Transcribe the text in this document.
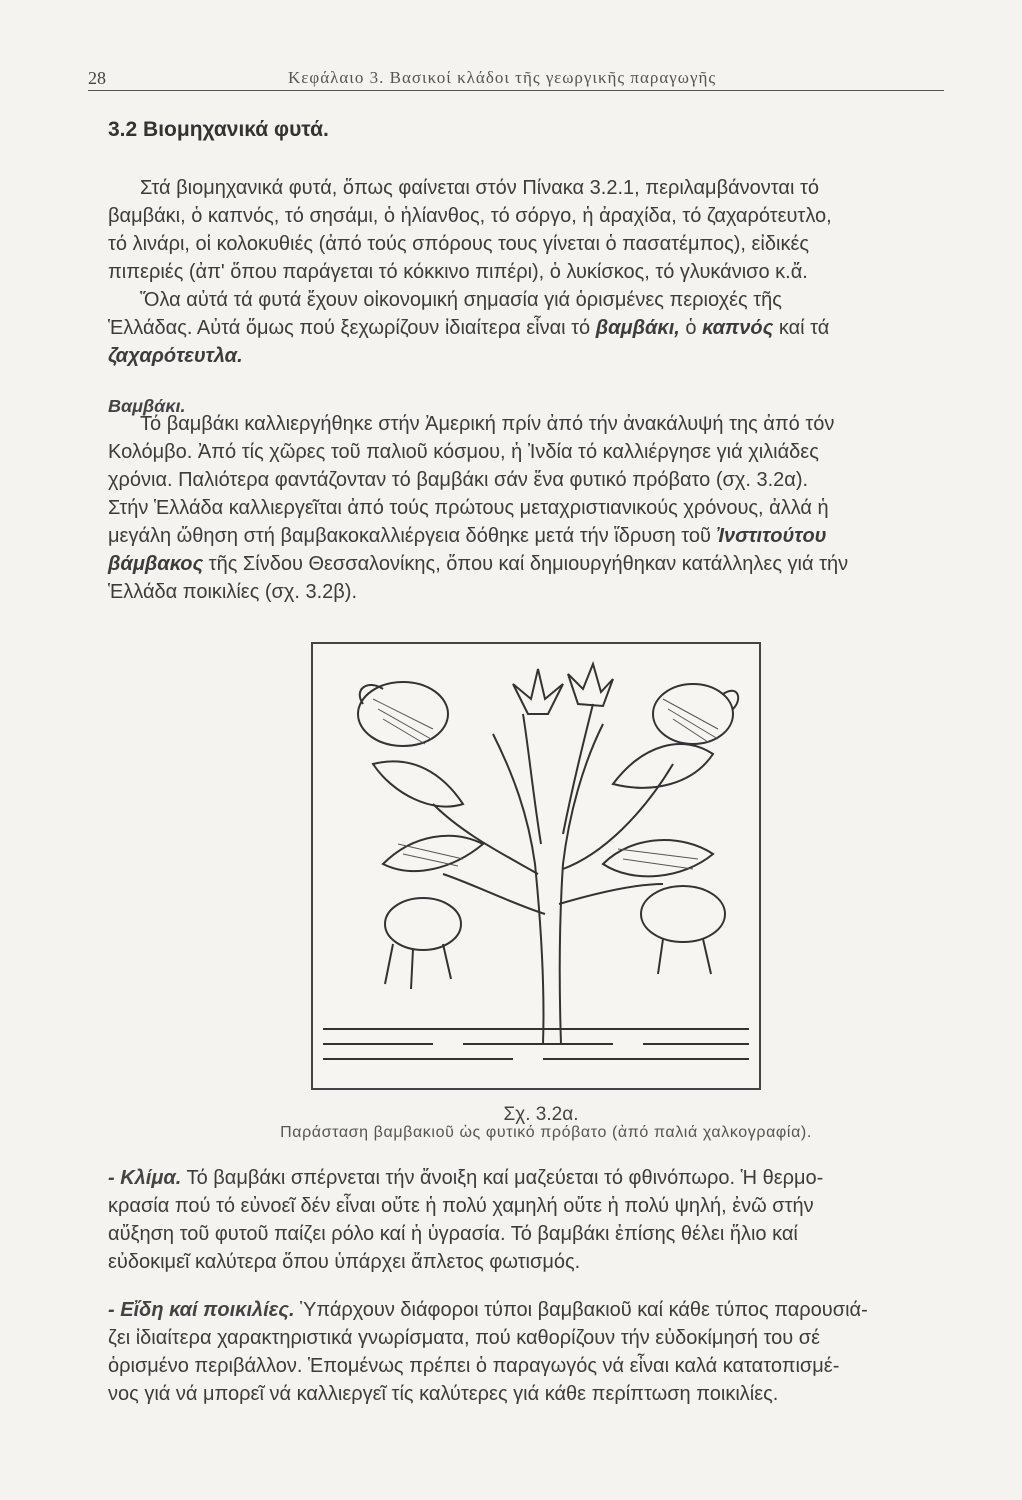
28	Κεφάλαιο 3. Βασικοί κλάδοι τῆς γεωργικῆς παραγωγῆς
3.2 Βιομηχανικά φυτά.
Στά βιομηχανικά φυτά, ὅπως φαίνεται στόν Πίνακα 3.2.1, περιλαμβάνονται τό
βαμβάκι, ὁ καπνός, τό σησάμι, ὁ ἡλίανθος, τό σόργο, ἡ ἀραχίδα, τό ζαχαρότευτλο,
τό λινάρι, οἱ κολοκυθιές (ἀπό τούς σπόρους τους γίνεται ὁ πασατέμπος), εἰδικές
πιπεριές (ἀπ' ὅπου παράγεται τό κόκκινο πιπέρι), ὁ λυκίσκος, τό γλυκάνισο κ.ἄ.
Ὅλα αὐτά τά φυτά ἔχουν οἰκονομική σημασία γιά ὁρισμένες περιοχές τῆς
Ἑλλάδας. Αὐτά ὅμως πού ξεχωρίζουν ἰδιαίτερα εἶναι τό βαμβάκι, ὁ καπνός καί τά
ζαχαρότευτλα.
Βαμβάκι.
Τό βαμβάκι καλλιεργήθηκε στήν Ἀμερική πρίν ἀπό τήν ἀνακάλυψή της ἀπό τόν
Κολόμβο. Ἀπό τίς χῶρες τοῦ παλιοῦ κόσμου, ἡ Ἰνδία τό καλλιέργησε γιά χιλιάδες
χρόνια. Παλιότερα φαντάζονταν τό βαμβάκι σάν ἕνα φυτικό πρόβατο (σχ. 3.2α).
Στήν Ἑλλάδα καλλιεργεῖται ἀπό τούς πρώτους μεταχριστιανικούς χρόνους, ἀλλά ἡ
μεγάλη ὤθηση στή βαμβακοκαλλιέργεια δόθηκε μετά τήν ἵδρυση τοῦ Ἰνστιτούτου
βάμβακος τῆς Σίνδου Θεσσαλονίκης, ὅπου καί δημιουργήθηκαν κατάλληλες γιά τήν
Ἑλλάδα ποικιλίες (σχ. 3.2β).
Σχ. 3.2α.
Παράσταση βαμβακιοῦ ὡς φυτικό πρόβατο (ἀπό παλιά χαλκογραφία).
- Κλίμα. Τό βαμβάκι σπέρνεται τήν ἄνοιξη καί μαζεύεται τό φθινόπωρο. Ἡ θερμο-
κρασία πού τό εὐνοεῖ δέν εἶναι οὔτε ἡ πολύ χαμηλή οὔτε ἡ πολύ ψηλή, ἐνῶ στήν
αὔξηση τοῦ φυτοῦ παίζει ρόλο καί ἡ ὑγρασία. Τό βαμβάκι ἐπίσης θέλει ἥλιο καί
εὐδοκιμεῖ καλύτερα ὅπου ὑπάρχει ἄπλετος φωτισμός.
- Εἴδη καί ποικιλίες. Ὑπάρχουν διάφοροι τύποι βαμβακιοῦ καί κάθε τύπος παρουσιά-
ζει ἰδιαίτερα χαρακτηριστικά γνωρίσματα, πού καθορίζουν τήν εὐδοκίμησή του σέ
ὁρισμένο περιβάλλον. Ἑπομένως πρέπει ὁ παραγωγός νά εἶναι καλά κατατοπισμέ-
νος γιά νά μπορεῖ νά καλλιεργεῖ τίς καλύτερες γιά κάθε περίπτωση ποικιλίες.
